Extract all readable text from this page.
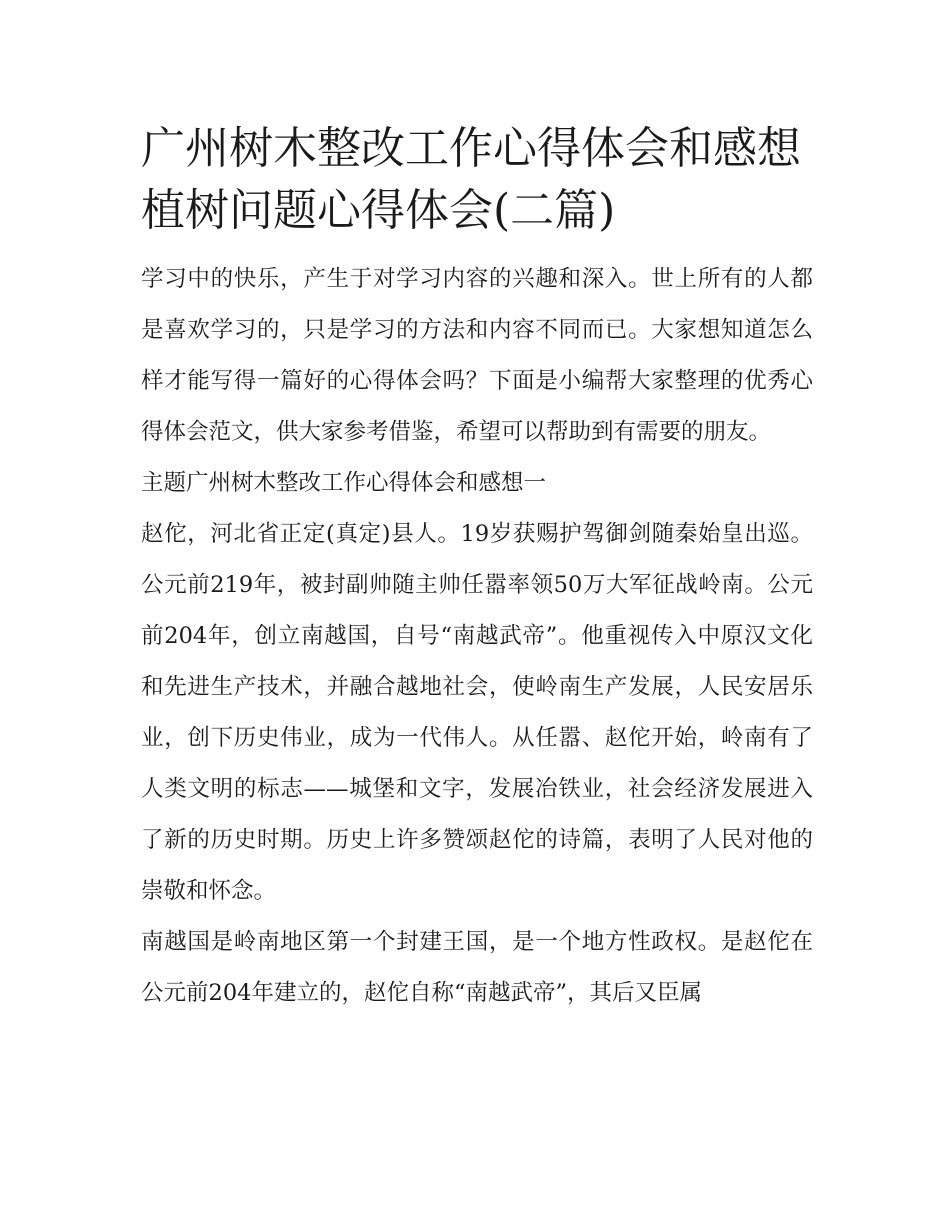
广州树木整改工作心得体会和感想 植树问题心得体会(二篇)

学习中的快乐，产生于对学习内容的兴趣和深入。世上所有的人都是喜欢学习的，只是学习的方法和内容不同而已。大家想知道怎么样才能写得一篇好的心得体会吗？下面是小编帮大家整理的优秀心得体会范文，供大家参考借鉴，希望可以帮助到有需要的朋友。

主题广州树木整改工作心得体会和感想一

赵佗，河北省正定(真定)县人。19岁获赐护驾御剑随秦始皇出巡。公元前219年，被封副帅随主帅任嚣率领50万大军征战岭南。公元前204年，创立南越国，自号“南越武帝”。他重视传入中原汉文化和先进生产技术，并融合越地社会，使岭南生产发展，人民安居乐业，创下历史伟业，成为一代伟人。从任嚣、赵佗开始，岭南有了人类文明的标志——城堡和文字，发展冶铁业，社会经济发展进入了新的历史时期。历史上许多赞颂赵佗的诗篇，表明了人民对他的崇敬和怀念。

南越国是岭南地区第一个封建王国，是一个地方性政权。是赵佗在公元前204年建立的，赵佗自称“南越武帝”，其后又臣属
